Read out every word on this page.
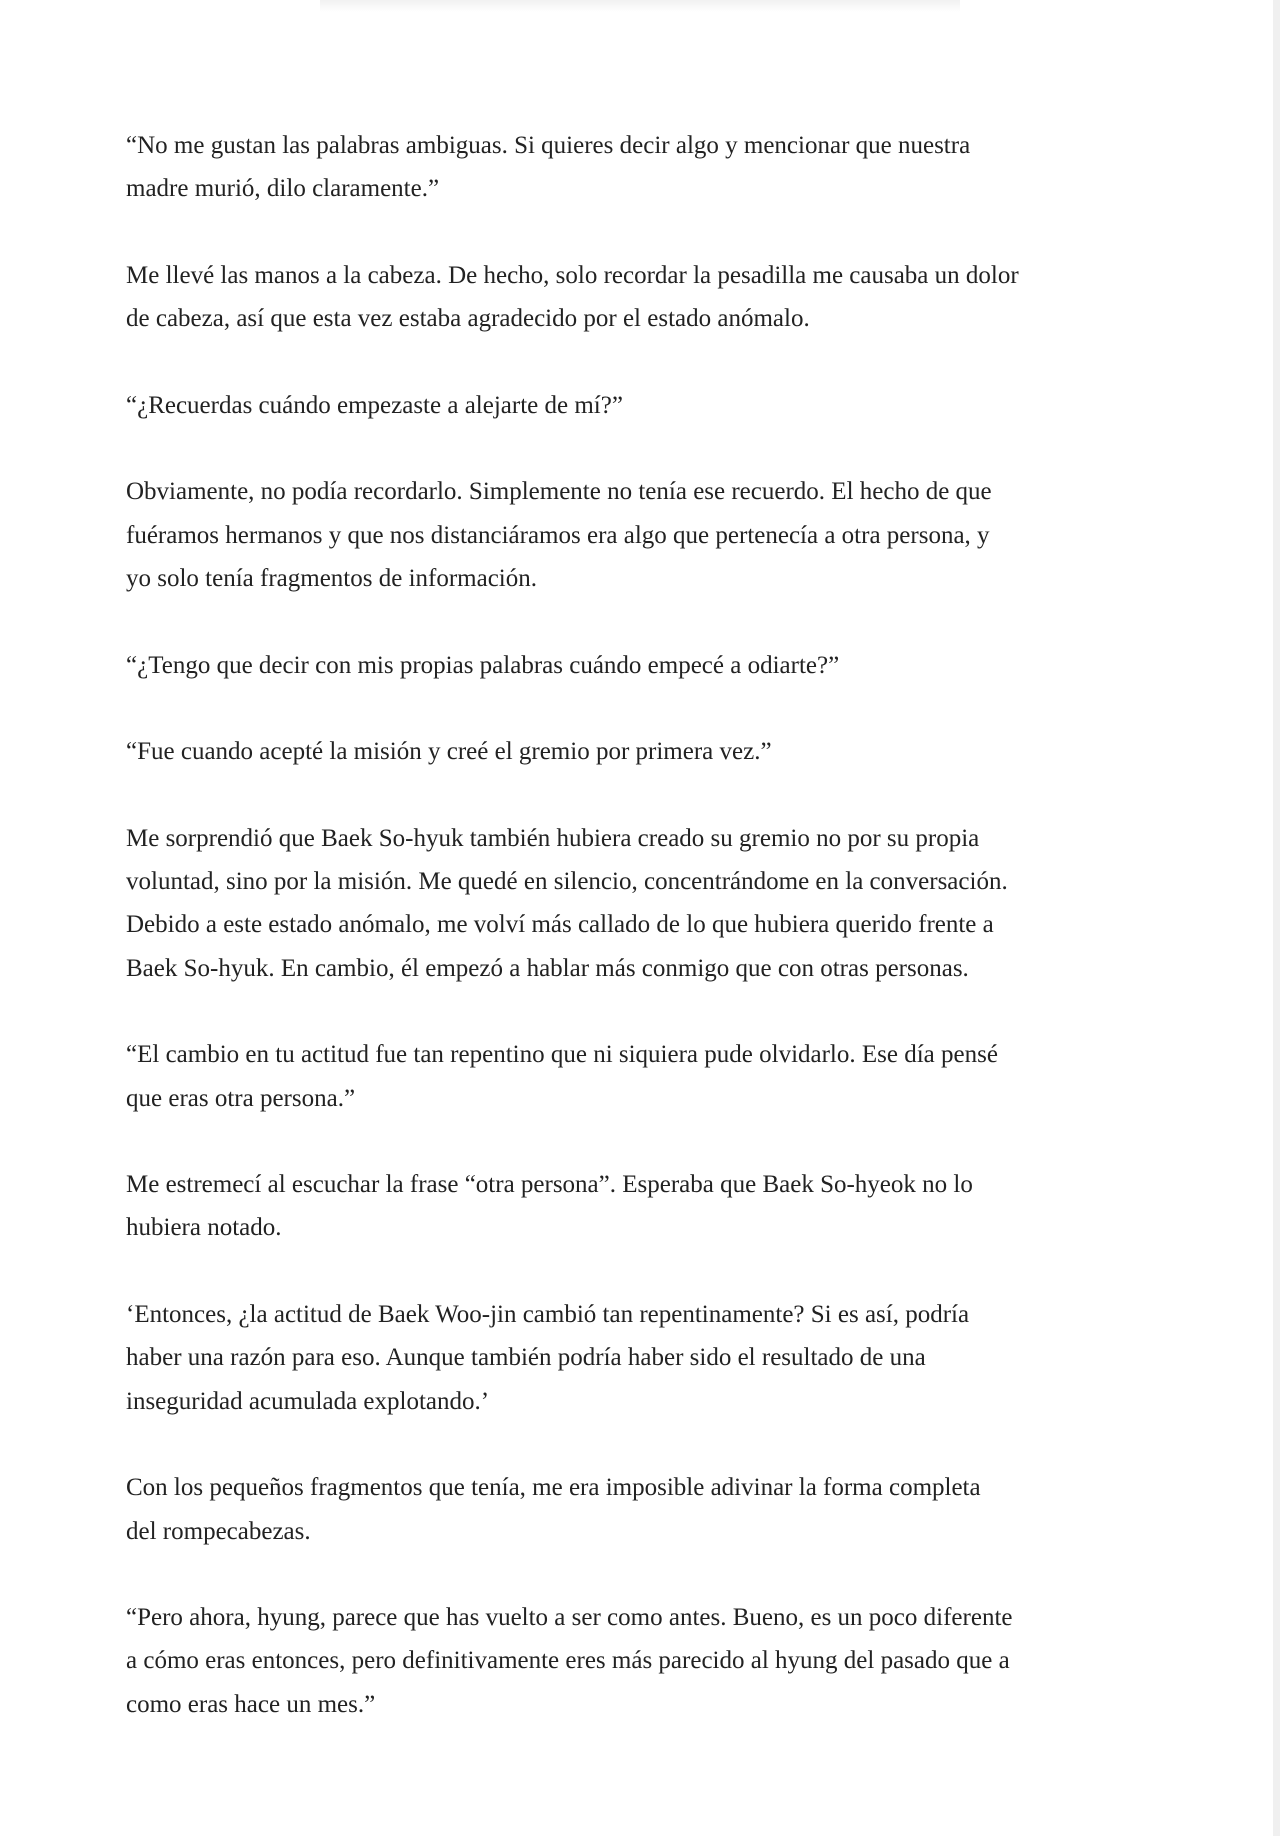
“No me gustan las palabras ambiguas. Si quieres decir algo y mencionar que nuestra
madre murió, dilo claramente.”

Me llevé las manos a la cabeza. De hecho, solo recordar la pesadilla me causaba un dolor
de cabeza, así que esta vez estaba agradecido por el estado anómalo.

“¿Recuerdas cuándo empezaste a alejarte de mí?”

Obviamente, no podía recordarlo. Simplemente no tenía ese recuerdo. El hecho de que
fuéramos hermanos y que nos distanciáramos era algo que pertenecía a otra persona, y
yo solo tenía fragmentos de información.

“¿Tengo que decir con mis propias palabras cuándo empecé a odiarte?”

“Fue cuando acepté la misión y creé el gremio por primera vez.”

Me sorprendió que Baek So-hyuk también hubiera creado su gremio no por su propia
voluntad, sino por la misión. Me quedé en silencio, concentrándome en la conversación.
Debido a este estado anómalo, me volví más callado de lo que hubiera querido frente a
Baek So-hyuk. En cambio, él empezó a hablar más conmigo que con otras personas.

“El cambio en tu actitud fue tan repentino que ni siquiera pude olvidarlo. Ese día pensé
que eras otra persona.”

Me estremecí al escuchar la frase “otra persona”. Esperaba que Baek So-hyeok no lo
hubiera notado.

‘Entonces, ¿la actitud de Baek Woo-jin cambió tan repentinamente? Si es así, podría
haber una razón para eso. Aunque también podría haber sido el resultado de una
inseguridad acumulada explotando.’

Con los pequeños fragmentos que tenía, me era imposible adivinar la forma completa
del rompecabezas.

“Pero ahora, hyung, parece que has vuelto a ser como antes. Bueno, es un poco diferente
a cómo eras entonces, pero definitivamente eres más parecido al hyung del pasado que a
como eras hace un mes.”
